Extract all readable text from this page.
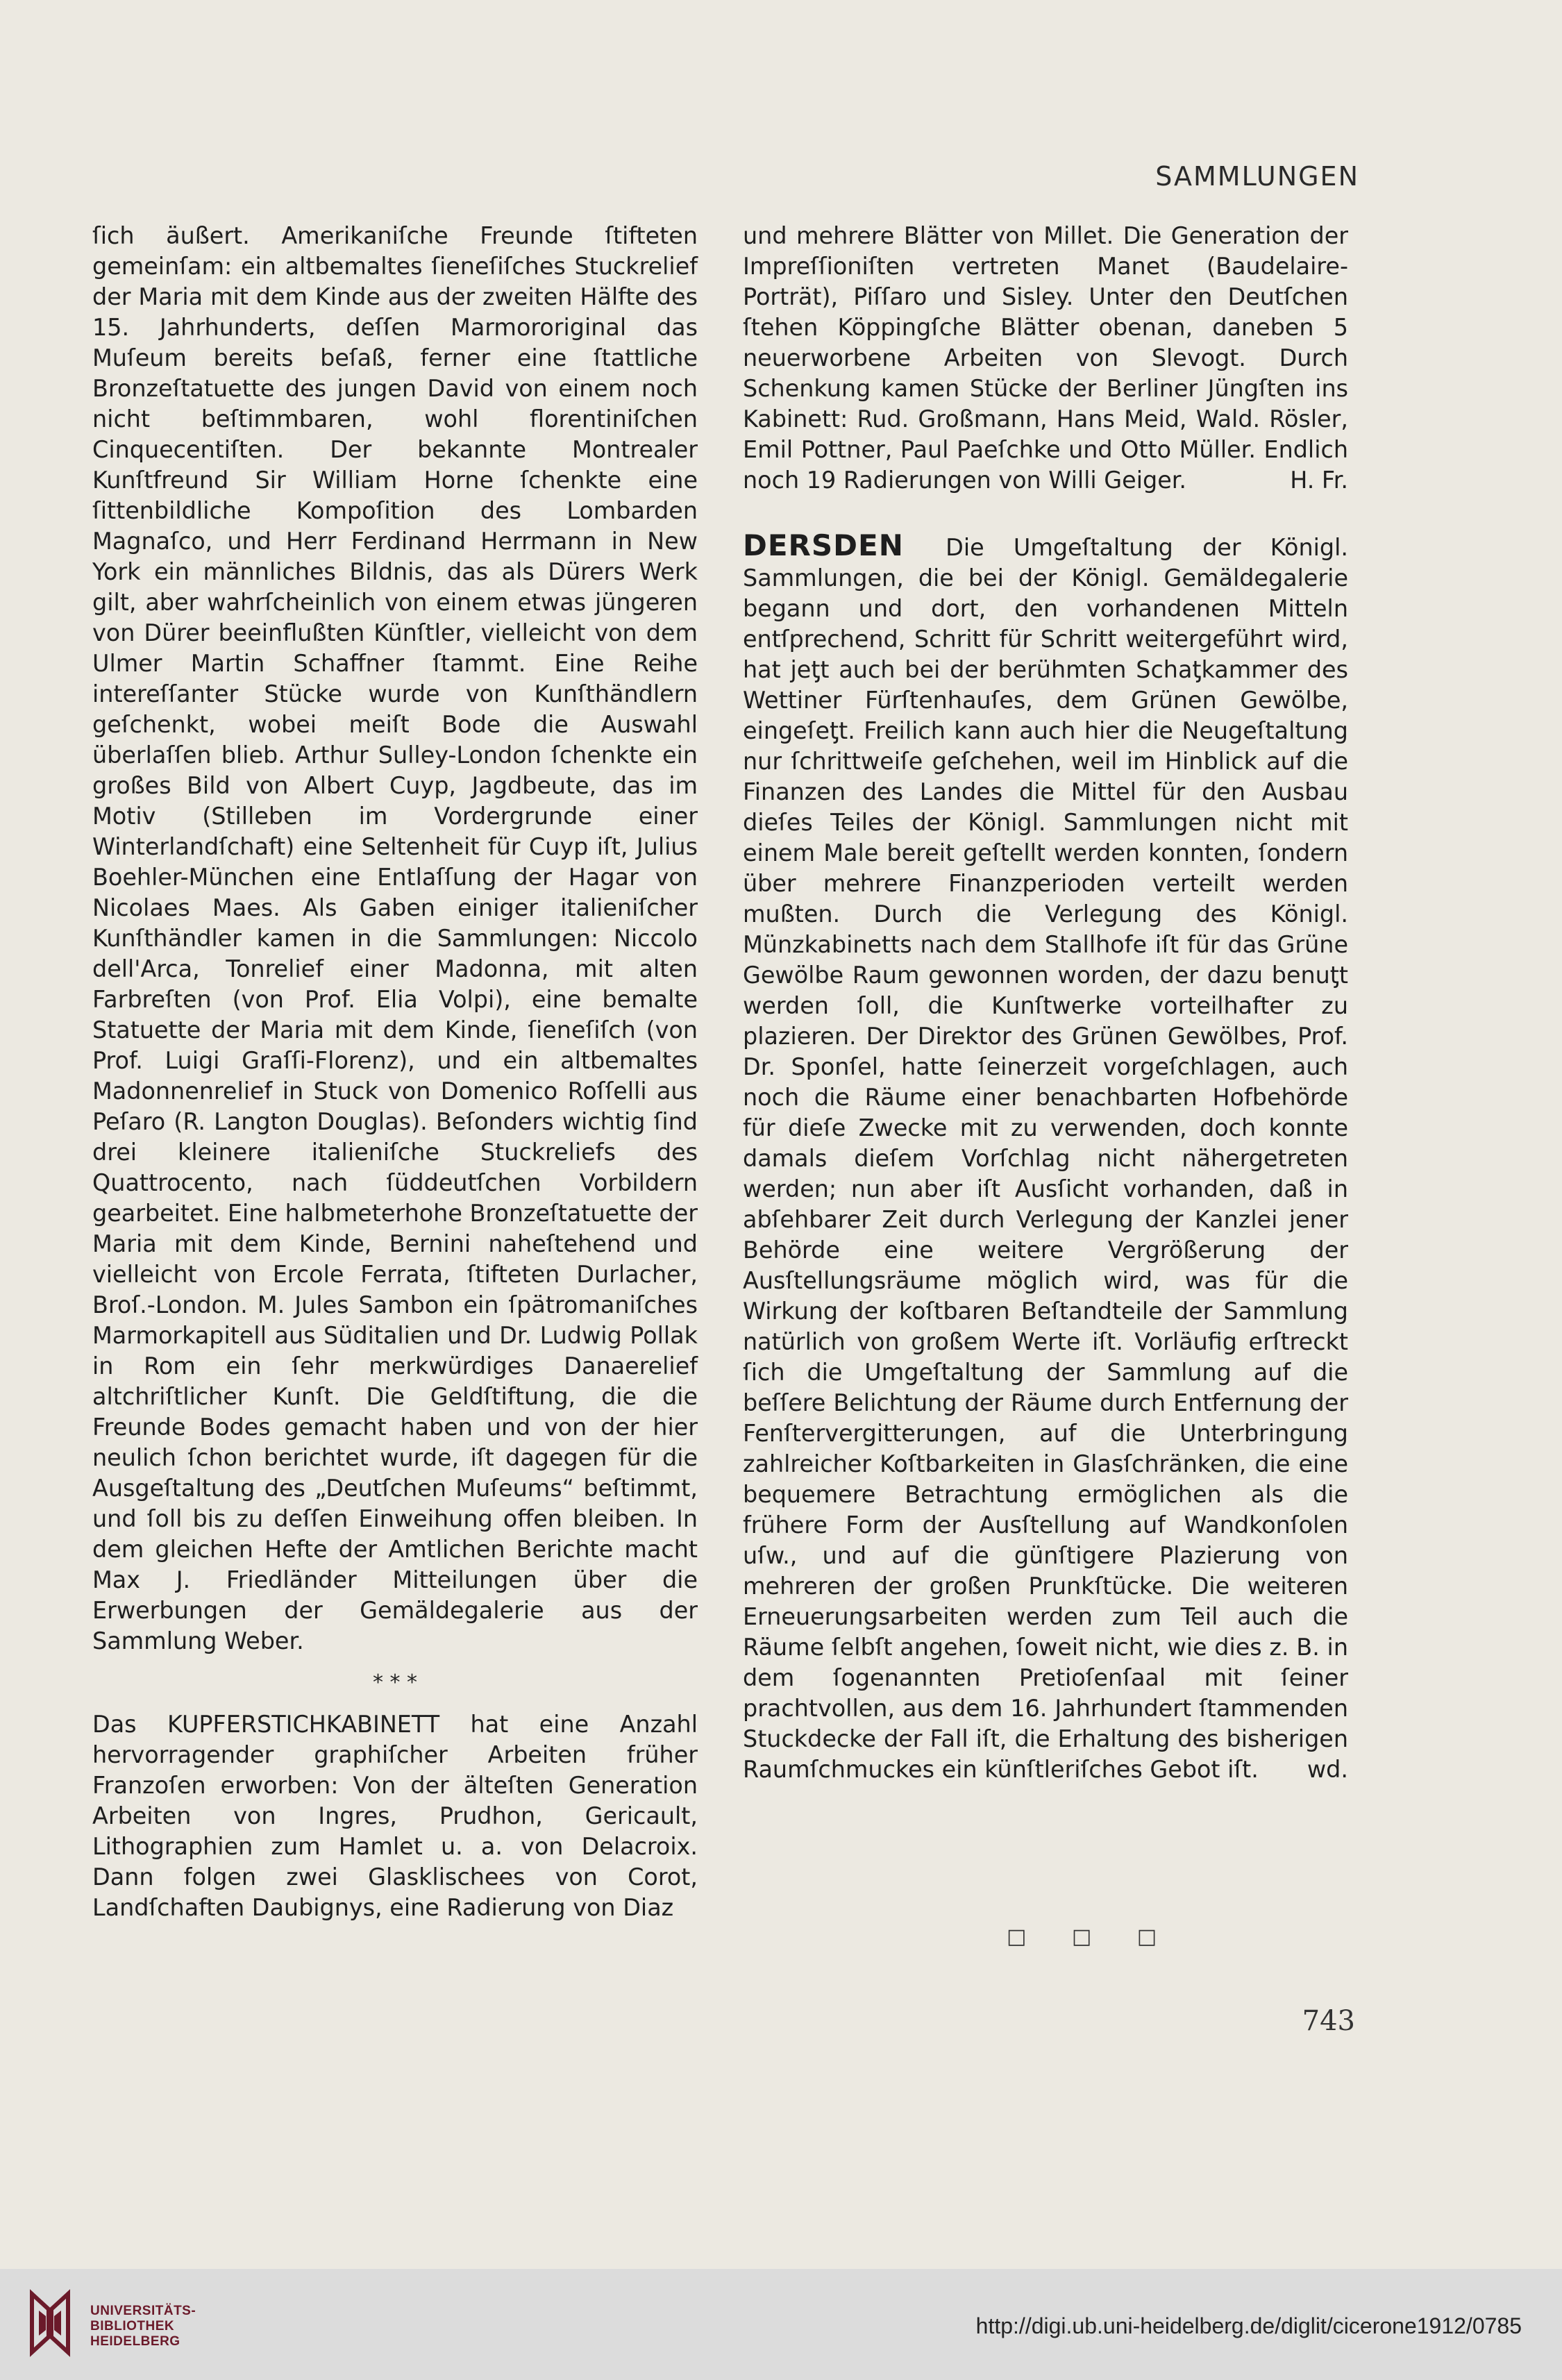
SAMMLUNGEN

ſich äußert. Amerikaniſche Freunde ſtifteten gemeinſam: ein altbemaltes ſieneſiſches Stuckrelief der Maria mit dem Kinde aus der zweiten Hälfte des 15. Jahrhunderts, deſſen Marmororiginal das Muſeum bereits beſaß, ferner eine ſtattliche Bronzeſtatuette des jungen David von einem noch nicht beſtimmbaren, wohl florentiniſchen Cinquecentiſten. Der bekannte Montrealer Kunſtfreund Sir William Horne ſchenkte eine ſittenbildliche Kompoſition des Lombarden Magnaſco, und Herr Ferdinand Herrmann in New York ein männliches Bildnis, das als Dürers Werk gilt, aber wahrſcheinlich von einem etwas jüngeren von Dürer beeinflußten Künſtler, vielleicht von dem Ulmer Martin Schaffner ſtammt. Eine Reihe intereſſanter Stücke wurde von Kunſthändlern geſchenkt, wobei meiſt Bode die Auswahl überlaſſen blieb. Arthur Sulley-London ſchenkte ein großes Bild von Albert Cuyp, Jagdbeute, das im Motiv (Stilleben im Vordergrunde einer Winterlandſchaft) eine Seltenheit für Cuyp iſt, Julius Boehler-München eine Entlaſſung der Hagar von Nicolaes Maes. Als Gaben einiger italieniſcher Kunſthändler kamen in die Sammlungen: Niccolo dell'Arca, Tonrelief einer Madonna, mit alten Farbreſten (von Prof. Elia Volpi), eine bemalte Statuette der Maria mit dem Kinde, ſieneſiſch (von Prof. Luigi Graſſi-Florenz), und ein altbemaltes Madonnenrelief in Stuck von Domenico Roſſelli aus Peſaro (R. Langton Douglas). Beſonders wichtig ſind drei kleinere italieniſche Stuckreliefs des Quattrocento, nach ſüddeutſchen Vorbildern gearbeitet. Eine halbmeterhohe Bronzeſtatuette der Maria mit dem Kinde, Bernini naheſtehend und vielleicht von Ercole Ferrata, ſtifteten Durlacher, Broſ.-London. M. Jules Sambon ein ſpätromaniſches Marmorkapitell aus Süditalien und Dr. Ludwig Pollak in Rom ein ſehr merkwürdiges Danaerelief altchriſtlicher Kunſt. Die Geldſtiftung, die die Freunde Bodes gemacht haben und von der hier neulich ſchon berichtet wurde, iſt dagegen für die Ausgeſtaltung des „Deutſchen Muſeums“ beſtimmt, und ſoll bis zu deſſen Einweihung offen bleiben. In dem gleichen Hefte der Amtlichen Berichte macht Max J. Friedländer Mitteilungen über die Erwerbungen der Gemäldegalerie aus der Sammlung Weber.

* * *

Das KUPFERSTICHKABINETT hat eine Anzahl hervorragender graphiſcher Arbeiten früher Franzoſen erworben: Von der älteſten Generation Arbeiten von Ingres, Prudhon, Gericault, Lithographien zum Hamlet u. a. von Delacroix. Dann folgen zwei Glasklischees von Corot, Landſchaften Daubignys, eine Radierung von Diaz

und mehrere Blätter von Millet. Die Generation der Impreſſioniſten vertreten Manet (Baudelaire-Porträt), Piſſaro und Sisley. Unter den Deutſchen ſtehen Köppingſche Blätter obenan, daneben 5 neuerworbene Arbeiten von Slevogt. Durch Schenkung kamen Stücke der Berliner Jüngſten ins Kabinett: Rud. Großmann, Hans Meid, Wald. Rösler, Emil Pottner, Paul Paeſchke und Otto Müller. Endlich noch 19 Radierungen von Willi Geiger.	H. Fr.

DERSDEN Die Umgeſtaltung der Königl. Sammlungen, die bei der Königl. Gemäldegalerie begann und dort, den vorhandenen Mitteln entſprechend, Schritt für Schritt weitergeführt wird, hat jeƫt auch bei der berühmten Schaƫkammer des Wettiner Fürſtenhauſes, dem Grünen Gewölbe, eingeſeƫt. Freilich kann auch hier die Neugeſtaltung nur ſchrittweiſe geſchehen, weil im Hinblick auf die Finanzen des Landes die Mittel für den Ausbau dieſes Teiles der Königl. Sammlungen nicht mit einem Male bereit geſtellt werden konnten, ſondern über mehrere Finanzperioden verteilt werden mußten. Durch die Verlegung des Königl. Münzkabinetts nach dem Stallhofe iſt für das Grüne Gewölbe Raum gewonnen worden, der dazu benuƫt werden ſoll, die Kunſtwerke vorteilhafter zu plazieren. Der Direktor des Grünen Gewölbes, Prof. Dr. Sponſel, hatte ſeinerzeit vorgeſchlagen, auch noch die Räume einer benachbarten Hofbehörde für dieſe Zwecke mit zu verwenden, doch konnte damals dieſem Vorſchlag nicht nähergetreten werden; nun aber iſt Ausſicht vorhanden, daß in abſehbarer Zeit durch Verlegung der Kanzlei jener Behörde eine weitere Vergrößerung der Ausſtellungsräume möglich wird, was für die Wirkung der koſtbaren Beſtandteile der Sammlung natürlich von großem Werte iſt. Vorläufig erſtreckt ſich die Umgeſtaltung der Sammlung auf die beſſere Belichtung der Räume durch Entfernung der Fenſtervergitterungen, auf die Unterbringung zahlreicher Koſtbarkeiten in Glasſchränken, die eine bequemere Betrachtung ermöglichen als die frühere Form der Ausſtellung auf Wandkonſolen uſw., und auf die günſtigere Plazierung von mehreren der großen Prunkſtücke. Die weiteren Erneuerungsarbeiten werden zum Teil auch die Räume ſelbſt angehen, ſoweit nicht, wie dies z. B. in dem ſogenannten Pretioſenſaal mit ſeiner prachtvollen, aus dem 16. Jahrhundert ſtammenden Stuckdecke der Fall iſt, die Erhaltung des bisherigen Raumſchmuckes ein künſtleriſches Gebot iſt. wd.

□ □ □
743
UNIVERSITÄTS-
BIBLIOTHEK
HEIDELBERG
http://digi.ub.uni-heidelberg.de/diglit/cicerone1912/0785
